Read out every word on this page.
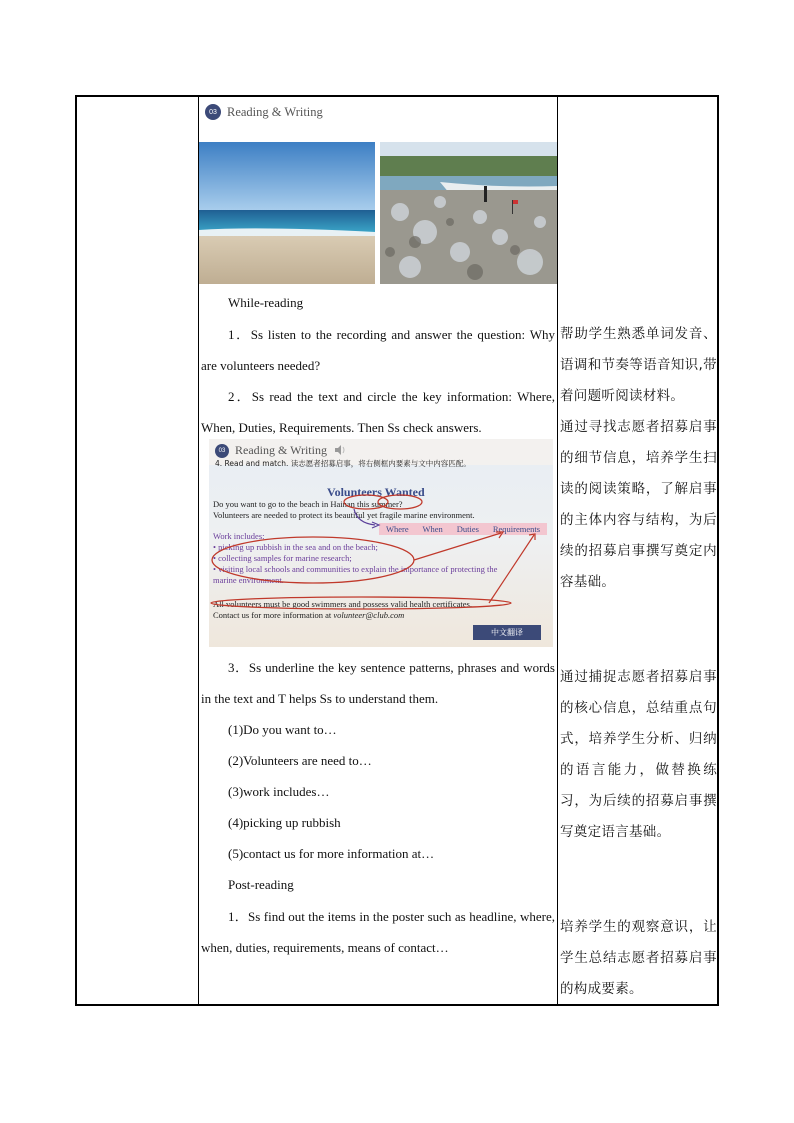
03 Reading & Writing
While-reading
1．Ss listen to the recording and answer the question: Why are volunteers needed?
2．Ss read the text and circle the key information: Where, When, Duties, Requirements. Then Ss check answers.
03 Reading & Writing
4. Read and match. 读志愿者招募启事，将右侧框内要素与文中内容匹配。
Volunteers Wanted
Do you want to go to the beach in Hainan this summer?
Volunteers are needed to protect its beautiful yet fragile marine environment.
Where When Duties Requirements
Work includes:
• picking up rubbish in the sea and on the beach;
• collecting samples for marine research;
• visiting local schools and communities to explain the importance of protecting the
marine environment.
All volunteers must be good swimmers and possess valid health certificates.
Contact us for more information at volunteer@club.com
中文翻译
3．Ss underline the key sentence patterns, phrases and words in the text and T helps Ss to understand them.
(1)Do you want to…
(2)Volunteers are need to…
(3)work includes…
(4)picking up rubbish
(5)contact us for more information at…
Post-reading
1．Ss find out the items in the poster such as headline, where, when, duties, requirements, means of contact…
帮助学生熟悉单词发音、语调和节奏等语音知识,带着问题听阅读材料。
通过寻找志愿者招募启事的细节信息，培养学生扫读的阅读策略，了解启事的主体内容与结构，为后续的招募启事撰写奠定内容基础。
通过捕捉志愿者招募启事的核心信息，总结重点句式，培养学生分析、归纳的语言能力，做替换练习，为后续的招募启事撰写奠定语言基础。
培养学生的观察意识，让学生总结志愿者招募启事的构成要素。
